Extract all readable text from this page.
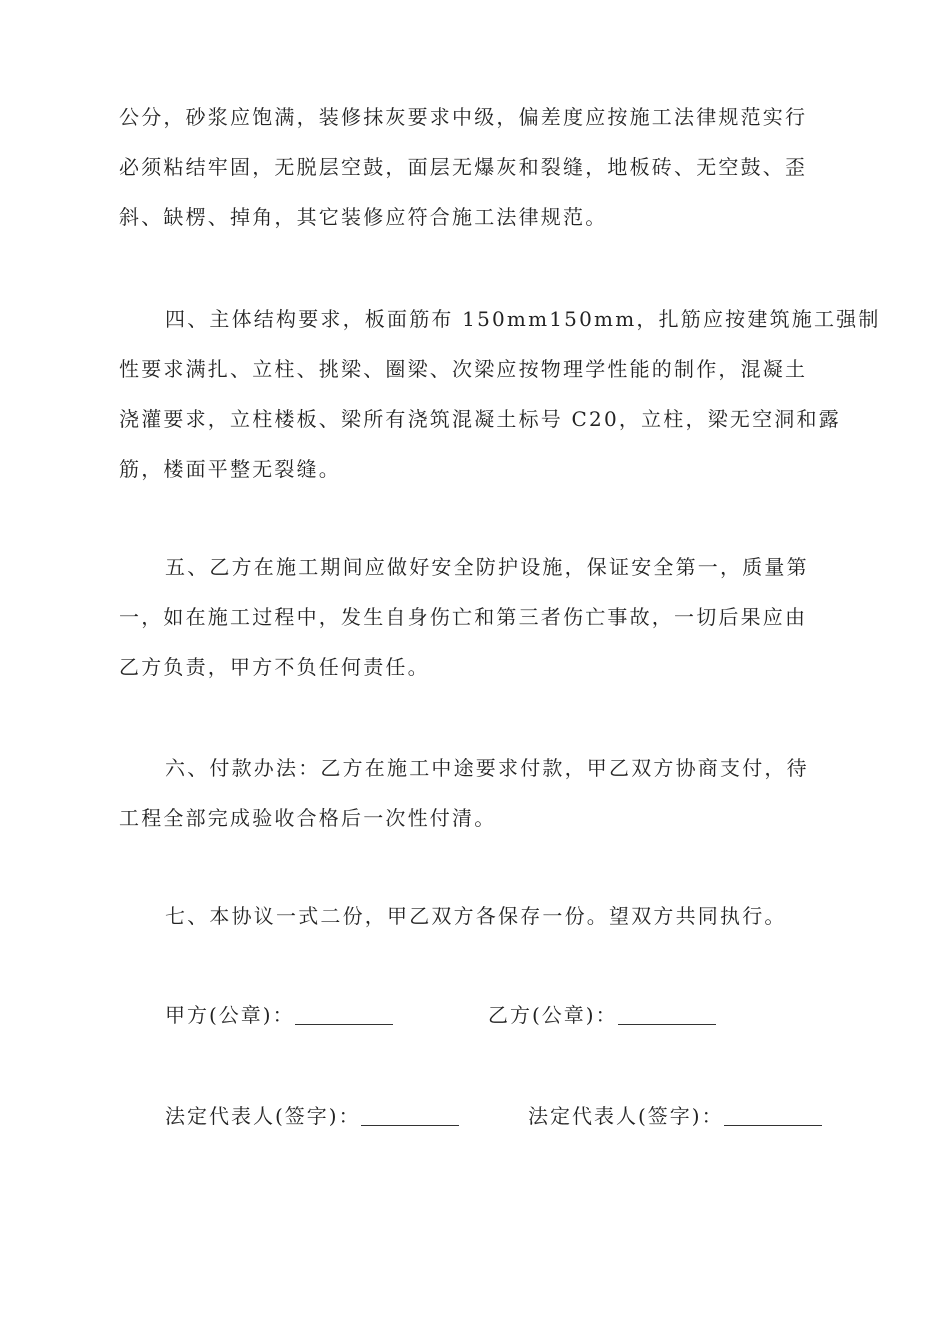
公分，砂浆应饱满，装修抹灰要求中级，偏差度应按施工法律规范实行
必须粘结牢固，无脱层空鼓，面层无爆灰和裂缝，地板砖、无空鼓、歪
斜、缺楞、掉角，其它装修应符合施工法律规范。
四、主体结构要求，板面筋布 150mm150mm，扎筋应按建筑施工强制
性要求满扎、立柱、挑梁、圈梁、次梁应按物理学性能的制作，混凝土
浇灌要求，立柱楼板、梁所有浇筑混凝土标号 C20，立柱，梁无空洞和露
筋，楼面平整无裂缝。
五、乙方在施工期间应做好安全防护设施，保证安全第一，质量第
一，如在施工过程中，发生自身伤亡和第三者伤亡事故，一切后果应由
乙方负责，甲方不负任何责任。
六、付款办法：乙方在施工中途要求付款，甲乙双方协商支付，待
工程全部完成验收合格后一次性付清。
七、本协议一式二份，甲乙双方各保存一份。望双方共同执行。
甲方(公章)：	乙方(公章)：
法定代表人(签字)：	法定代表人(签字)：
